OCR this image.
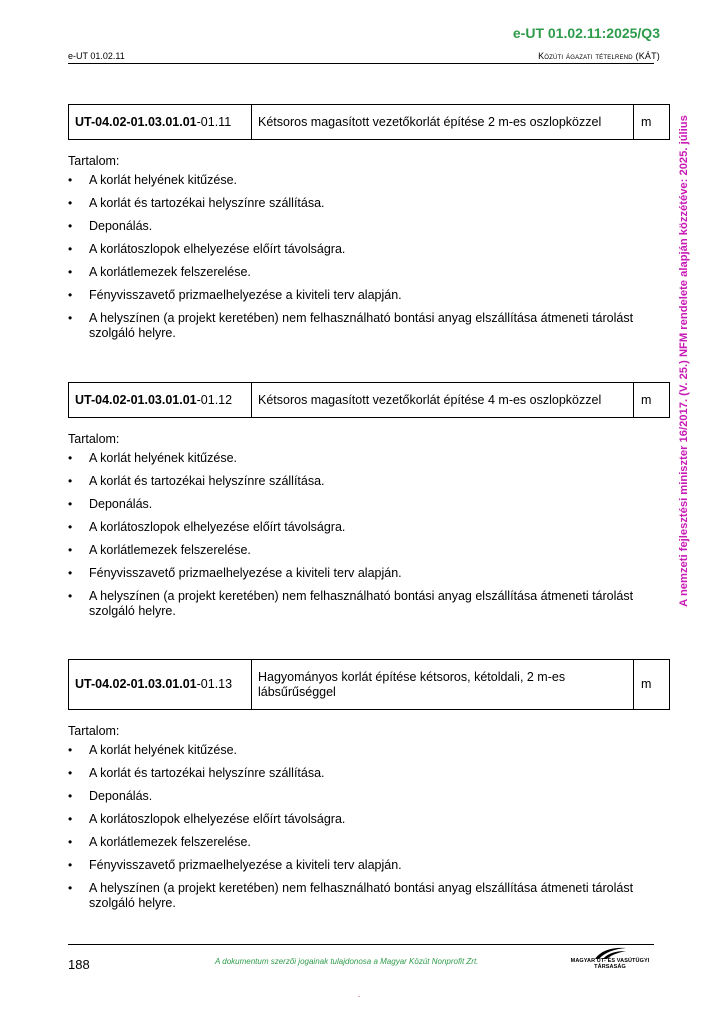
e-UT 01.02.11:2025/Q3
e-UT 01.02.11	Közúti ágazati tételrend (KÁT)
A nemzeti fejlesztési miniszter 16/2017. (V. 25.) NFM rendelete alapján közzétéve: 2025. július
UT-04.02-01.03.01.01-01.11	Kétsoros magasított vezetőkorlát építése 2 m-es oszlopközzel	m
Tartalom:
• A korlát helyének kitűzése.
• A korlát és tartozékai helyszínre szállítása.
• Deponálás.
• A korlátoszlopok elhelyezése előírt távolságra.
• A korlátlemezek felszerelése.
• Fényvisszavető prizmaelhelyezése a kiviteli terv alapján.
• A helyszínen (a projekt keretében) nem felhasználható bontási anyag elszállítása átmeneti tárolást szolgáló helyre.
UT-04.02-01.03.01.01-01.12	Kétsoros magasított vezetőkorlát építése 4 m-es oszlopközzel	m
Tartalom:
• A korlát helyének kitűzése.
• A korlát és tartozékai helyszínre szállítása.
• Deponálás.
• A korlátoszlopok elhelyezése előírt távolságra.
• A korlátlemezek felszerelése.
• Fényvisszavető prizmaelhelyezése a kiviteli terv alapján.
• A helyszínen (a projekt keretében) nem felhasználható bontási anyag elszállítása átmeneti tárolást szolgáló helyre.
UT-04.02-01.03.01.01-01.13	Hagyományos korlát építése kétsoros, kétoldali, 2 m-es lábsűrűséggel	m
Tartalom:
• A korlát helyének kitűzése.
• A korlát és tartozékai helyszínre szállítása.
• Deponálás.
• A korlátoszlopok elhelyezése előírt távolságra.
• A korlátlemezek felszerelése.
• Fényvisszavető prizmaelhelyezése a kiviteli terv alapján.
• A helyszínen (a projekt keretében) nem felhasználható bontási anyag elszállítása átmeneti tárolást szolgáló helyre.
188	A dokumentum szerzői jogainak tulajdonosa a Magyar Közút Nonprofit Zrt.	MAGYAR ÚT- ÉS VASÚTÜGYI TÁRSASÁG
